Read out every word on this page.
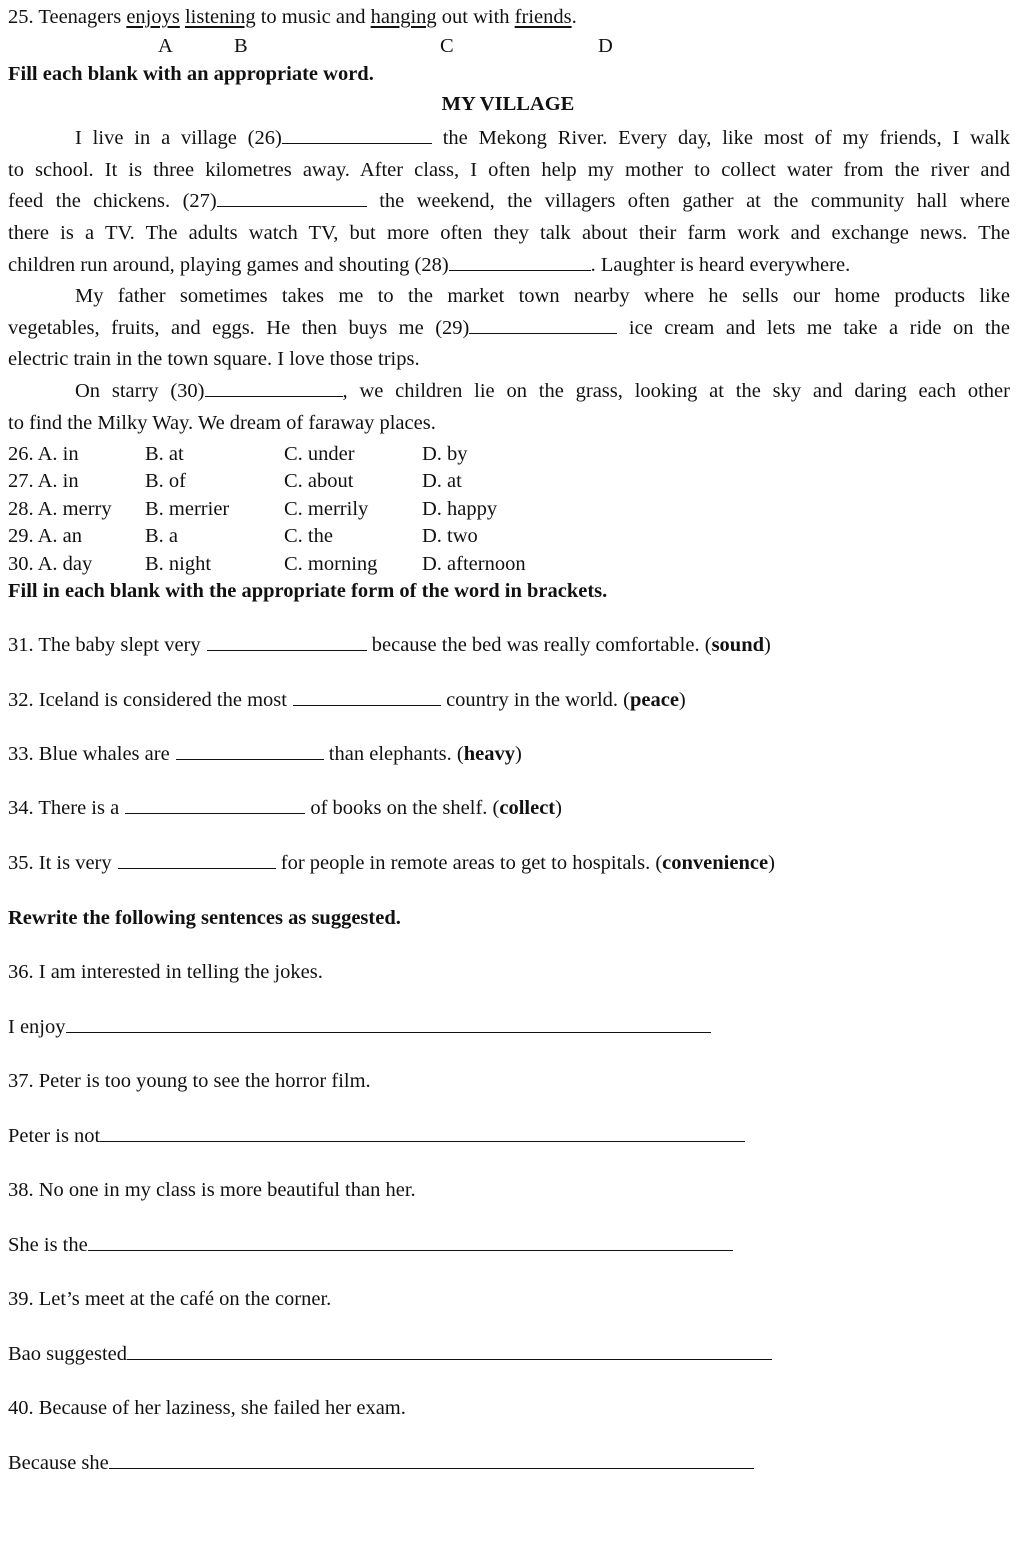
25. Teenagers enjoys listening to music and hanging out with friends.
A	B	C	D
Fill each blank with an appropriate word.
MY VILLAGE
I live in a village (26)	the Mekong River. Every day, like most of my friends, I walk
to school. It is three kilometres away. After class, I often help my mother to collect water from the river and
feed the chickens. (27)	the weekend, the villagers often gather at the community hall where
there is a TV. The adults watch TV, but more often they talk about their farm work and exchange news. The
children run around, playing games and shouting (28)	. Laughter is heard everywhere.
My father sometimes takes me to the market town nearby where he sells our home products like
vegetables, fruits, and eggs. He then buys me (29)	ice cream and lets me take a ride on the
electric train in the town square. I love those trips.
On starry (30)	, we children lie on the grass, looking at the sky and daring each other
to find the Milky Way. We dream of faraway places.
26. A. in	B. at	C. under	D. by
27. A. in	B. of	C. about	D. at
28. A. merry B. merrier	C. merrily	D. happy
29. A. an	B. a	C. the	D. two
30. A. day	B. night	C. morning D. afternoon
Fill in each blank with the appropriate form of the word in brackets.
31. The baby slept very	because the bed was really comfortable. (sound)
32. Iceland is considered the most	country in the world. (peace)
33. Blue whales are	than elephants. (heavy)
34. There is a	of books on the shelf. (collect)
35. It is very	for people in remote areas to get to hospitals. (convenience)
Rewrite the following sentences as suggested.
36. I am interested in telling the jokes.
I enjoy
37. Peter is too young to see the horror film.
Peter is not
38. No one in my class is more beautiful than her.
She is the
39. Let’s meet at the café on the corner.
Bao suggested
40. Because of her laziness, she failed her exam.
Because she
